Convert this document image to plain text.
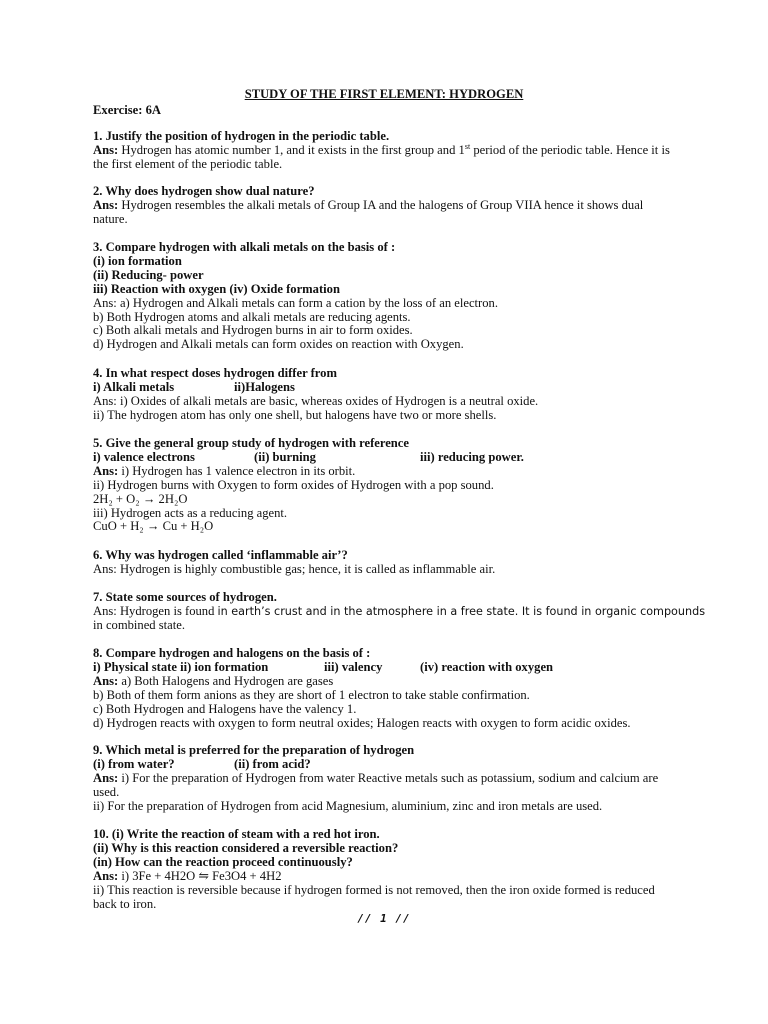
STUDY OF THE FIRST ELEMENT: HYDROGEN
Exercise: 6A
1. Justify the position of hydrogen in the periodic table.
Ans: Hydrogen has atomic number 1, and it exists in the first group and 1st period of the periodic table. Hence it is the first element of the periodic table.
2. Why does hydrogen show dual nature?
Ans: Hydrogen resembles the alkali metals of Group IA and the halogens of Group VIIA hence it shows dual nature.
3. Compare hydrogen with alkali metals on the basis of :
(i) ion formation
(ii) Reducing- power
iii) Reaction with oxygen (iv) Oxide formation
Ans: a) Hydrogen and Alkali metals can form a cation by the loss of an electron.
b) Both Hydrogen atoms and alkali metals are reducing agents.
c) Both alkali metals and Hydrogen burns in air to form oxides.
d) Hydrogen and Alkali metals can form oxides on reaction with Oxygen.
4. In what respect doses hydrogen differ from
i) Alkali metals	ii)Halogens
Ans: i) Oxides of alkali metals are basic, whereas oxides of Hydrogen is a neutral oxide.
ii) The hydrogen atom has only one shell, but halogens have two or more shells.
5. Give the general group study of hydrogen with reference
i) valence electrons	(ii) burning	iii) reducing power.
Ans: i) Hydrogen has 1 valence electron in its orbit.
ii) Hydrogen burns with Oxygen to form oxides of Hydrogen with a pop sound.
2H₂ + O₂ → 2H₂O
iii) Hydrogen acts as a reducing agent.
CuO + H₂ → Cu + H₂O
6. Why was hydrogen called ‘inflammable air’?
Ans: Hydrogen is highly combustible gas; hence, it is called as inflammable air.
7. State some sources of hydrogen.
Ans: Hydrogen is found in earth’s crust and in the atmosphere in a free state. It is found in organic compounds
in combined state.
8. Compare hydrogen and halogens on the basis of :
i) Physical state ii) ion formation	iii) valency	(iv) reaction with oxygen
Ans: a) Both Halogens and Hydrogen are gases
b) Both of them form anions as they are short of 1 electron to take stable confirmation.
c) Both Hydrogen and Halogens have the valency 1.
d) Hydrogen reacts with oxygen to form neutral oxides; Halogen reacts with oxygen to form acidic oxides.
9. Which metal is preferred for the preparation of hydrogen
(i) from water?	(ii) from acid?
Ans: i) For the preparation of Hydrogen from water Reactive metals such as potassium, sodium and calcium are used.
ii) For the preparation of Hydrogen from acid Magnesium, aluminium, zinc and iron metals are used.
10. (i) Write the reaction of steam with a red hot iron.
(ii) Why is this reaction considered a reversible reaction?
(in) How can the reaction proceed continuously?
Ans: i) 3Fe + 4H2O ⇋ Fe3O4 + 4H2
ii) This reaction is reversible because if hydrogen formed is not removed, then the iron oxide formed is reduced back to iron.
// 1 //
